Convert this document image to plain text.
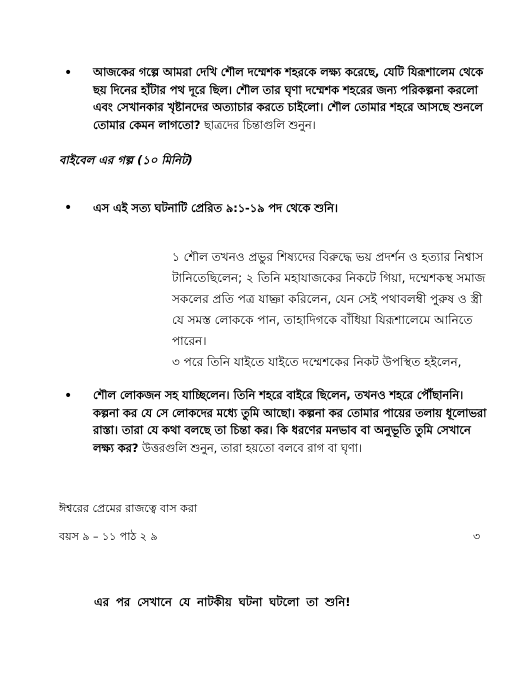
• আজকের গল্পে আমরা দেখি শৌল দম্মেশক শহরকে লক্ষ্য করেছে, যেটি যিরূশালেম থেকে ছয় দিনের হাঁটার পথ দূরে ছিল। শৌল তার ঘৃণা দম্মেশক শহরের জন্য পরিকল্পনা করলো এবং সেখানকার খৃষ্টানদের অত্যাচার করতে চাইলো। শৌল তোমার শহরে আসছে শুনলে তোমার কেমন লাগতো? ছাত্রদের চিন্তাগুলি শুনুন।
বাইবেল এর গল্প (১০ মিনিট)
• এস এই সত্য ঘটনাটি প্রেরিত ৯:১-১৯ পদ থেকে শুনি।
১ শৌল তখনও প্রভুর শিষ্যদের বিরুদ্ধে ভয় প্রদর্শন ও হত্যার নিশ্বাস টানিতেছিলেন; ২ তিনি মহাযাজকের নিকটে গিয়া, দম্মেশকস্থ সমাজ সকলের প্রতি পত্র যাচ্ঞা করিলেন, যেন সেই পথাবলম্বী পুরুষ ও স্ত্রী যে সমস্ত লোককে পান, তাহাদিগকে বাঁধিয়া যিরূশালেমে আনিতে পারেন।
৩ পরে তিনি যাইতে যাইতে দম্মেশকের নিকট উপস্থিত হইলেন,
• শৌল লোকজন সহ যাচ্ছিলেন। তিনি শহরে বাইরে ছিলেন, তখনও শহরে পৌঁছাননি। কল্পনা কর যে সে লোকদের মধ্যে তুমি আছো। কল্পনা কর তোমার পায়ের তলায় ধূলোভরা রাস্তা। তারা যে কথা বলছে তা চিন্তা কর। কি ধরণের মনভাব বা অনুভূতি তুমি সেখানে লক্ষ্য কর? উত্তরগুলি শুনুন, তারা হয়তো বলবে রাগ বা ঘৃণা।
ঈশ্বরের প্রেমের রাজত্বে বাস করা
বয়স ৯ – ১১ পাঠ ২ ৯	৩
এর পর সেখানে যে নাটকীয় ঘটনা ঘটলো তা শুনি!
